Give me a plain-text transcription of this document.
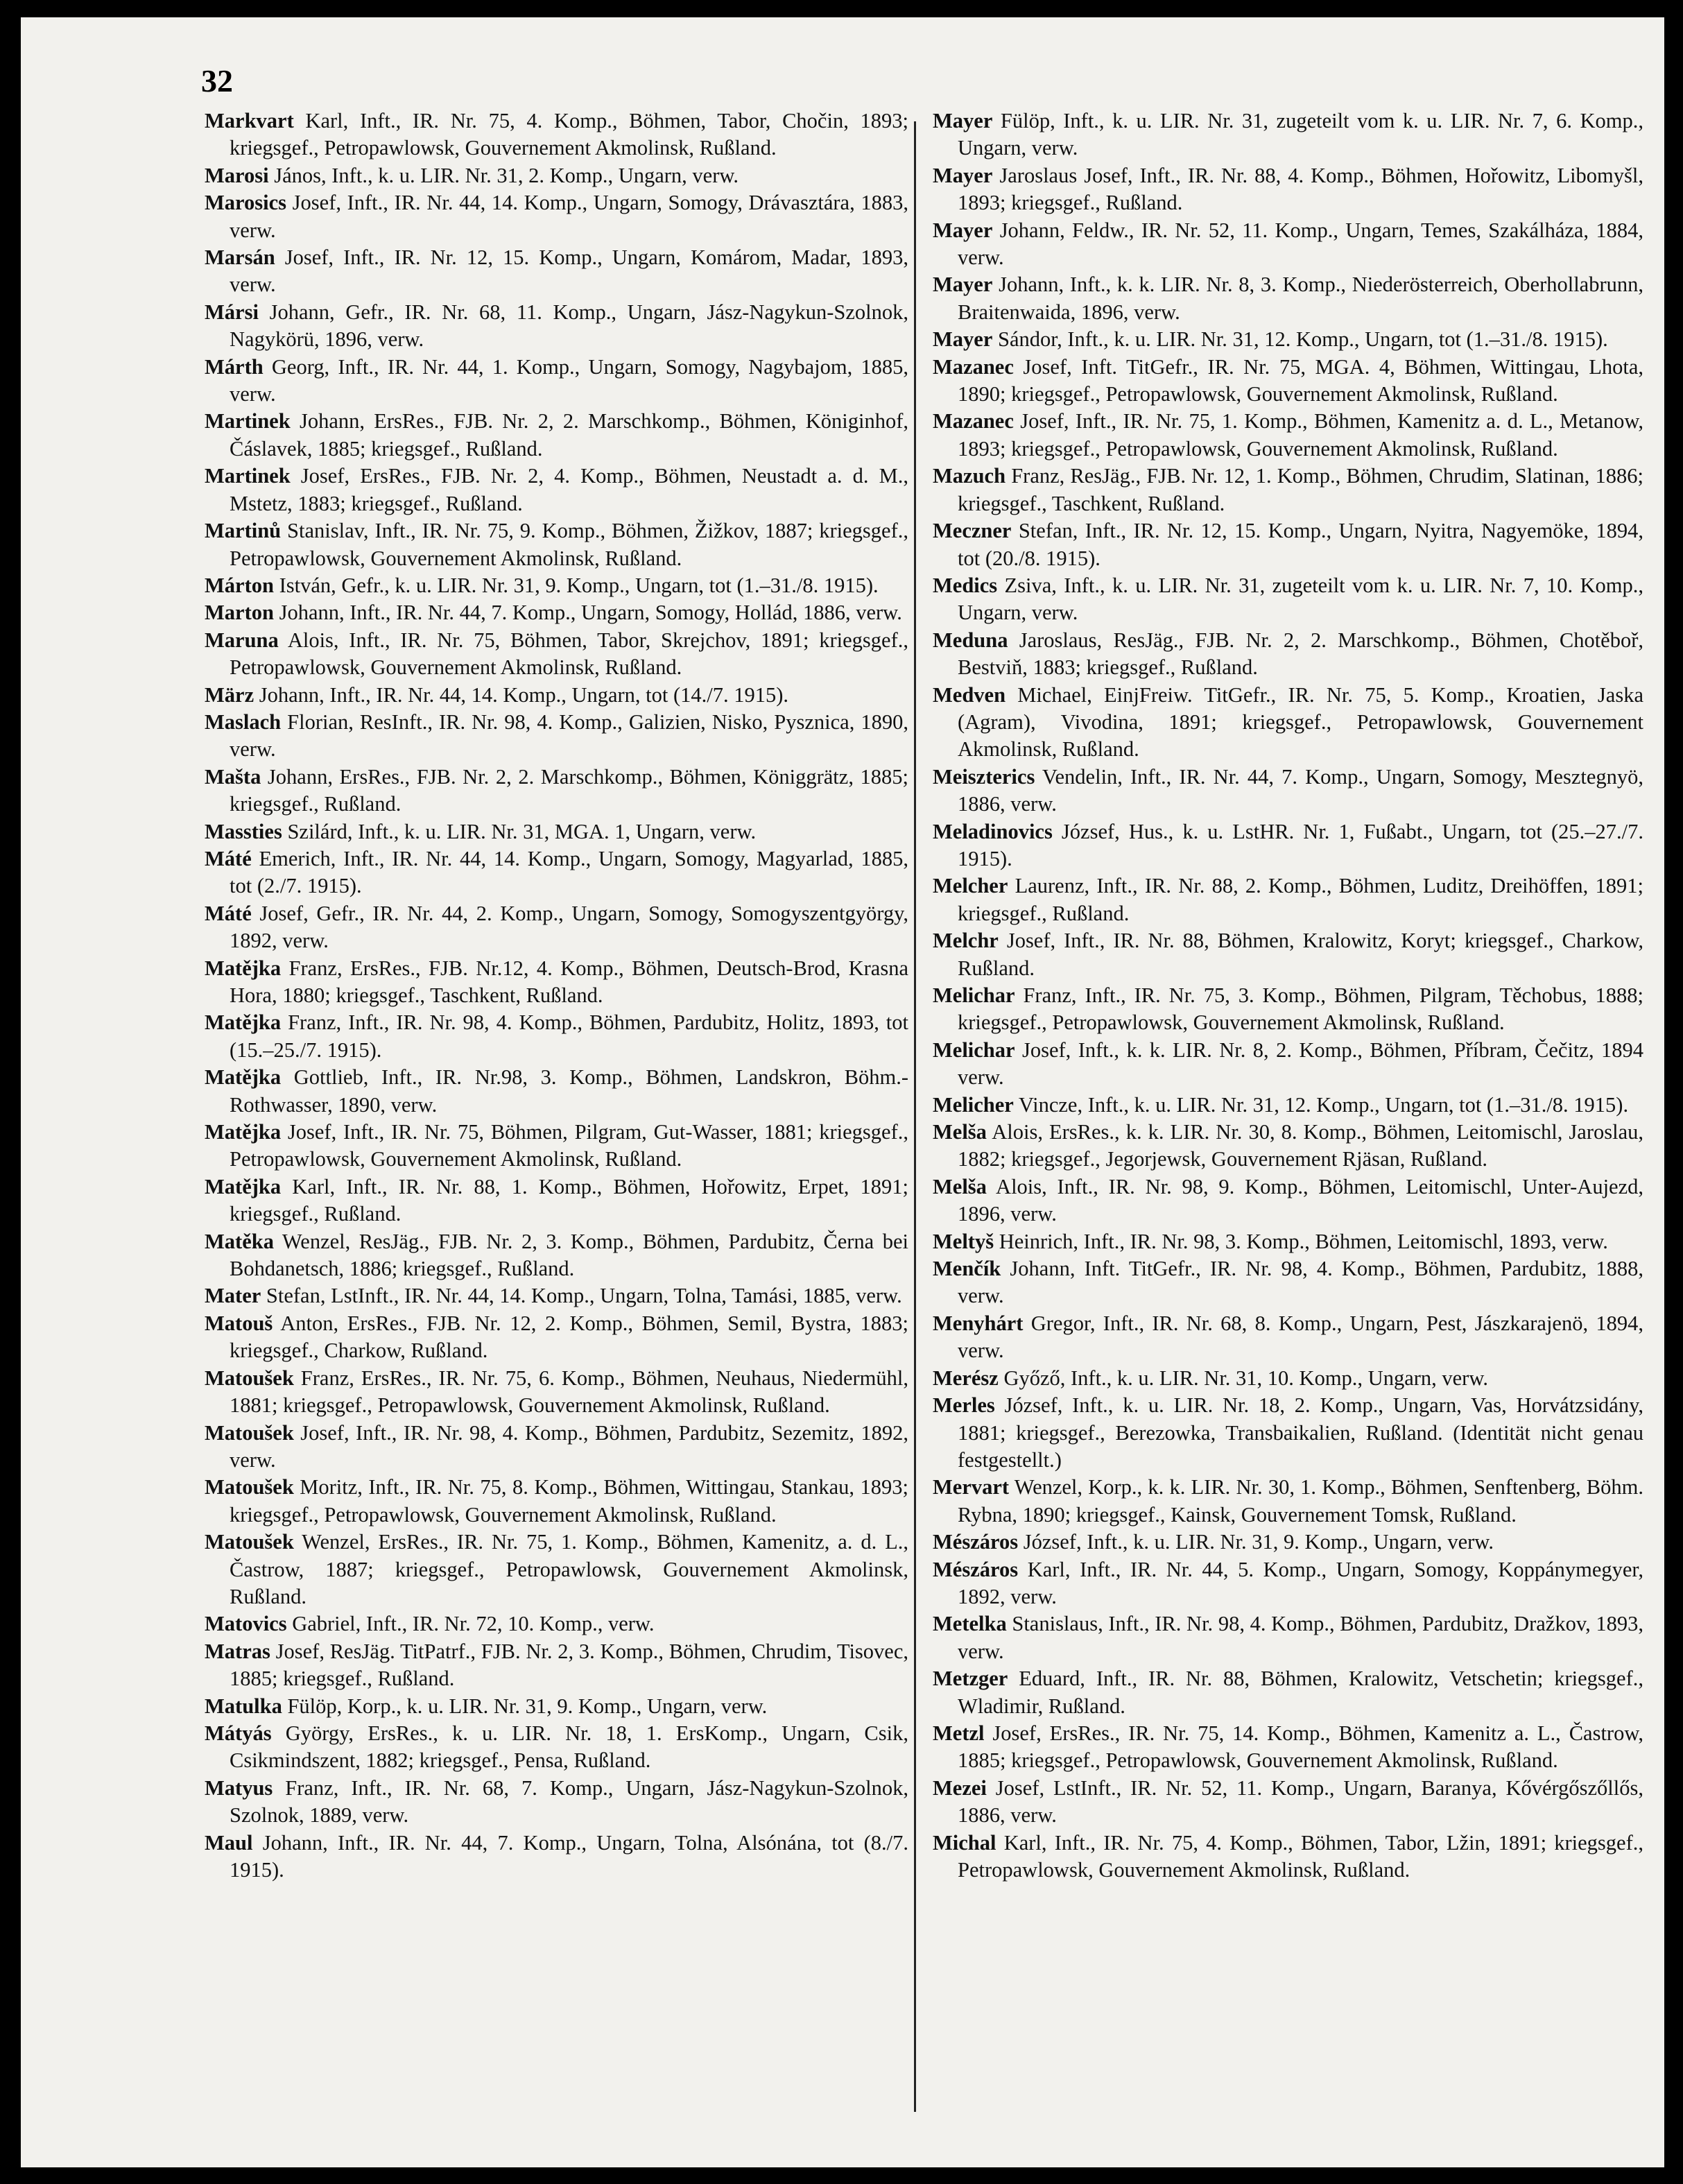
32

Markvart Karl, Inft., IR. Nr. 75, 4. Komp., Böhmen, Tabor, Chočin, 1893; kriegsgef., Petropawlowsk, Gouvernement Akmolinsk, Rußland.

Marosi János, Inft., k. u. LIR. Nr. 31, 2. Komp., Ungarn, verw.

Marosics Josef, Inft., IR. Nr. 44, 14. Komp., Ungarn, Somogy, Drávasztára, 1883, verw.

Marsán Josef, Inft., IR. Nr. 12, 15. Komp., Ungarn, Komárom, Madar, 1893, verw.

Mársi Johann, Gefr., IR. Nr. 68, 11. Komp., Ungarn, Jász-Nagykun-Szolnok, Nagykörü, 1896, verw.

Márth Georg, Inft., IR. Nr. 44, 1. Komp., Ungarn, Somogy, Nagybajom, 1885, verw.

Martinek Johann, ErsRes., FJB. Nr. 2, 2. Marschkomp., Böhmen, Königinhof, Čáslavek, 1885; kriegsgef., Rußland.

Martinek Josef, ErsRes., FJB. Nr. 2, 4. Komp., Böhmen, Neustadt a. d. M., Mstetz, 1883; kriegsgef., Rußland.

Martinů Stanislav, Inft., IR. Nr. 75, 9. Komp., Böhmen, Žižkov, 1887; kriegsgef., Petropawlowsk, Gouvernement Akmolinsk, Rußland.

Márton István, Gefr., k. u. LIR. Nr. 31, 9. Komp., Ungarn, tot (1.–31./8. 1915).

Marton Johann, Inft., IR. Nr. 44, 7. Komp., Ungarn, Somogy, Hollád, 1886, verw.

Maruna Alois, Inft., IR. Nr. 75, Böhmen, Tabor, Skrejchov, 1891; kriegsgef., Petropawlowsk, Gouvernement Akmolinsk, Rußland.

März Johann, Inft., IR. Nr. 44, 14. Komp., Ungarn, tot (14./7. 1915).

Maslach Florian, ResInft., IR. Nr. 98, 4. Komp., Galizien, Nisko, Pysznica, 1890, verw.

Mašta Johann, ErsRes., FJB. Nr. 2, 2. Marschkomp., Böhmen, Königgrätz, 1885; kriegsgef., Rußland.

Massties Szilárd, Inft., k. u. LIR. Nr. 31, MGA. 1, Ungarn, verw.

Máté Emerich, Inft., IR. Nr. 44, 14. Komp., Ungarn, Somogy, Magyarlad, 1885, tot (2./7. 1915).

Máté Josef, Gefr., IR. Nr. 44, 2. Komp., Ungarn, Somogy, Somogyszentgyörgy, 1892, verw.

Matějka Franz, ErsRes., FJB. Nr.12, 4. Komp., Böhmen, Deutsch-Brod, Krasna Hora, 1880; kriegsgef., Taschkent, Rußland.

Matějka Franz, Inft., IR. Nr. 98, 4. Komp., Böhmen, Pardubitz, Holitz, 1893, tot (15.–25./7. 1915).

Matějka Gottlieb, Inft., IR. Nr.98, 3. Komp., Böhmen, Landskron, Böhm.-Rothwasser, 1890, verw.

Matějka Josef, Inft., IR. Nr. 75, Böhmen, Pilgram, Gut-Wasser, 1881; kriegsgef., Petropawlowsk, Gouvernement Akmolinsk, Rußland.

Matějka Karl, Inft., IR. Nr. 88, 1. Komp., Böhmen, Hořowitz, Erpet, 1891; kriegsgef., Rußland.

Matěka Wenzel, ResJäg., FJB. Nr. 2, 3. Komp., Böhmen, Pardubitz, Černa bei Bohdanetsch, 1886; kriegsgef., Rußland.

Mater Stefan, LstInft., IR. Nr. 44, 14. Komp., Ungarn, Tolna, Tamási, 1885, verw.

Matouš Anton, ErsRes., FJB. Nr. 12, 2. Komp., Böhmen, Semil, Bystra, 1883; kriegsgef., Charkow, Rußland.

Matoušek Franz, ErsRes., IR. Nr. 75, 6. Komp., Böhmen, Neuhaus, Niedermühl, 1881; kriegsgef., Petropawlowsk, Gouvernement Akmolinsk, Rußland.

Matoušek Josef, Inft., IR. Nr. 98, 4. Komp., Böhmen, Pardubitz, Sezemitz, 1892, verw.

Matoušek Moritz, Inft., IR. Nr. 75, 8. Komp., Böhmen, Wittingau, Stankau, 1893; kriegsgef., Petropawlowsk, Gouvernement Akmolinsk, Rußland.

Matoušek Wenzel, ErsRes., IR. Nr. 75, 1. Komp., Böhmen, Kamenitz, a. d. L., Častrow, 1887; kriegsgef., Petropawlowsk, Gouvernement Akmolinsk, Rußland.

Matovics Gabriel, Inft., IR. Nr. 72, 10. Komp., verw.

Matras Josef, ResJäg. TitPatrf., FJB. Nr. 2, 3. Komp., Böhmen, Chrudim, Tisovec, 1885; kriegsgef., Rußland.

Matulka Fülöp, Korp., k. u. LIR. Nr. 31, 9. Komp., Ungarn, verw.

Mátyás György, ErsRes., k. u. LIR. Nr. 18, 1. ErsKomp., Ungarn, Csik, Csikmindszent, 1882; kriegsgef., Pensa, Rußland.

Matyus Franz, Inft., IR. Nr. 68, 7. Komp., Ungarn, Jász-Nagykun-Szolnok, Szolnok, 1889, verw.

Maul Johann, Inft., IR. Nr. 44, 7. Komp., Ungarn, Tolna, Alsónána, tot (8./7. 1915).

Mayer Fülöp, Inft., k. u. LIR. Nr. 31, zugeteilt vom k. u. LIR. Nr. 7, 6. Komp., Ungarn, verw.

Mayer Jaroslaus Josef, Inft., IR. Nr. 88, 4. Komp., Böhmen, Hořowitz, Libomyšl, 1893; kriegsgef., Rußland.

Mayer Johann, Feldw., IR. Nr. 52, 11. Komp., Ungarn, Temes, Szakálháza, 1884, verw.

Mayer Johann, Inft., k. k. LIR. Nr. 8, 3. Komp., Niederösterreich, Oberhollabrunn, Braitenwaida, 1896, verw.

Mayer Sándor, Inft., k. u. LIR. Nr. 31, 12. Komp., Ungarn, tot (1.–31./8. 1915).

Mazanec Josef, Inft. TitGefr., IR. Nr. 75, MGA. 4, Böhmen, Wittingau, Lhota, 1890; kriegsgef., Petropawlowsk, Gouvernement Akmolinsk, Rußland.

Mazanec Josef, Inft., IR. Nr. 75, 1. Komp., Böhmen, Kamenitz a. d. L., Metanow, 1893; kriegsgef., Petropawlowsk, Gouvernement Akmolinsk, Rußland.

Mazuch Franz, ResJäg., FJB. Nr. 12, 1. Komp., Böhmen, Chrudim, Slatinan, 1886; kriegsgef., Taschkent, Rußland.

Meczner Stefan, Inft., IR. Nr. 12, 15. Komp., Ungarn, Nyitra, Nagyemöke, 1894, tot (20./8. 1915).

Medics Zsiva, Inft., k. u. LIR. Nr. 31, zugeteilt vom k. u. LIR. Nr. 7, 10. Komp., Ungarn, verw.

Meduna Jaroslaus, ResJäg., FJB. Nr. 2, 2. Marschkomp., Böhmen, Chotěboř, Bestviň, 1883; kriegsgef., Rußland.

Medven Michael, EinjFreiw. TitGefr., IR. Nr. 75, 5. Komp., Kroatien, Jaska (Agram), Vivodina, 1891; kriegsgef., Petropawlowsk, Gouvernement Akmolinsk, Rußland.

Meiszterics Vendelin, Inft., IR. Nr. 44, 7. Komp., Ungarn, Somogy, Mesztegnyö, 1886, verw.

Meladinovics József, Hus., k. u. LstHR. Nr. 1, Fußabt., Ungarn, tot (25.–27./7. 1915).

Melcher Laurenz, Inft., IR. Nr. 88, 2. Komp., Böhmen, Luditz, Dreihöffen, 1891; kriegsgef., Rußland.

Melchr Josef, Inft., IR. Nr. 88, Böhmen, Kralowitz, Koryt; kriegsgef., Charkow, Rußland.

Melichar Franz, Inft., IR. Nr. 75, 3. Komp., Böhmen, Pilgram, Těchobus, 1888; kriegsgef., Petropawlowsk, Gouvernement Akmolinsk, Rußland.

Melichar Josef, Inft., k. k. LIR. Nr. 8, 2. Komp., Böhmen, Příbram, Čečitz, 1894 verw.

Melicher Vincze, Inft., k. u. LIR. Nr. 31, 12. Komp., Ungarn, tot (1.–31./8. 1915).

Melša Alois, ErsRes., k. k. LIR. Nr. 30, 8. Komp., Böhmen, Leitomischl, Jaroslau, 1882; kriegsgef., Jegorjewsk, Gouvernement Rjäsan, Rußland.

Melša Alois, Inft., IR. Nr. 98, 9. Komp., Böhmen, Leitomischl, Unter-Aujezd, 1896, verw.

Meltyš Heinrich, Inft., IR. Nr. 98, 3. Komp., Böhmen, Leitomischl, 1893, verw.

Menčík Johann, Inft. TitGefr., IR. Nr. 98, 4. Komp., Böhmen, Pardubitz, 1888, verw.

Menyhárt Gregor, Inft., IR. Nr. 68, 8. Komp., Ungarn, Pest, Jászkarajenö, 1894, verw.

Merész Győző, Inft., k. u. LIR. Nr. 31, 10. Komp., Ungarn, verw.

Merles József, Inft., k. u. LIR. Nr. 18, 2. Komp., Ungarn, Vas, Horvátzsidány, 1881; kriegsgef., Berezowka, Transbaikalien, Rußland. (Identität nicht genau festgestellt.)

Mervart Wenzel, Korp., k. k. LIR. Nr. 30, 1. Komp., Böhmen, Senftenberg, Böhm. Rybna, 1890; kriegsgef., Kainsk, Gouvernement Tomsk, Rußland.

Mészáros József, Inft., k. u. LIR. Nr. 31, 9. Komp., Ungarn, verw.

Mészáros Karl, Inft., IR. Nr. 44, 5. Komp., Ungarn, Somogy, Koppánymegyer, 1892, verw.

Metelka Stanislaus, Inft., IR. Nr. 98, 4. Komp., Böhmen, Pardubitz, Dražkov, 1893, verw.

Metzger Eduard, Inft., IR. Nr. 88, Böhmen, Kralowitz, Vetschetin; kriegsgef., Wladimir, Rußland.

Metzl Josef, ErsRes., IR. Nr. 75, 14. Komp., Böhmen, Kamenitz a. L., Častrow, 1885; kriegsgef., Petropawlowsk, Gouvernement Akmolinsk, Rußland.

Mezei Josef, LstInft., IR. Nr. 52, 11. Komp., Ungarn, Baranya, Kővérgőszőllős, 1886, verw.

Michal Karl, Inft., IR. Nr. 75, 4. Komp., Böhmen, Tabor, Lžin, 1891; kriegsgef., Petropawlowsk, Gouvernement Akmolinsk, Rußland.
